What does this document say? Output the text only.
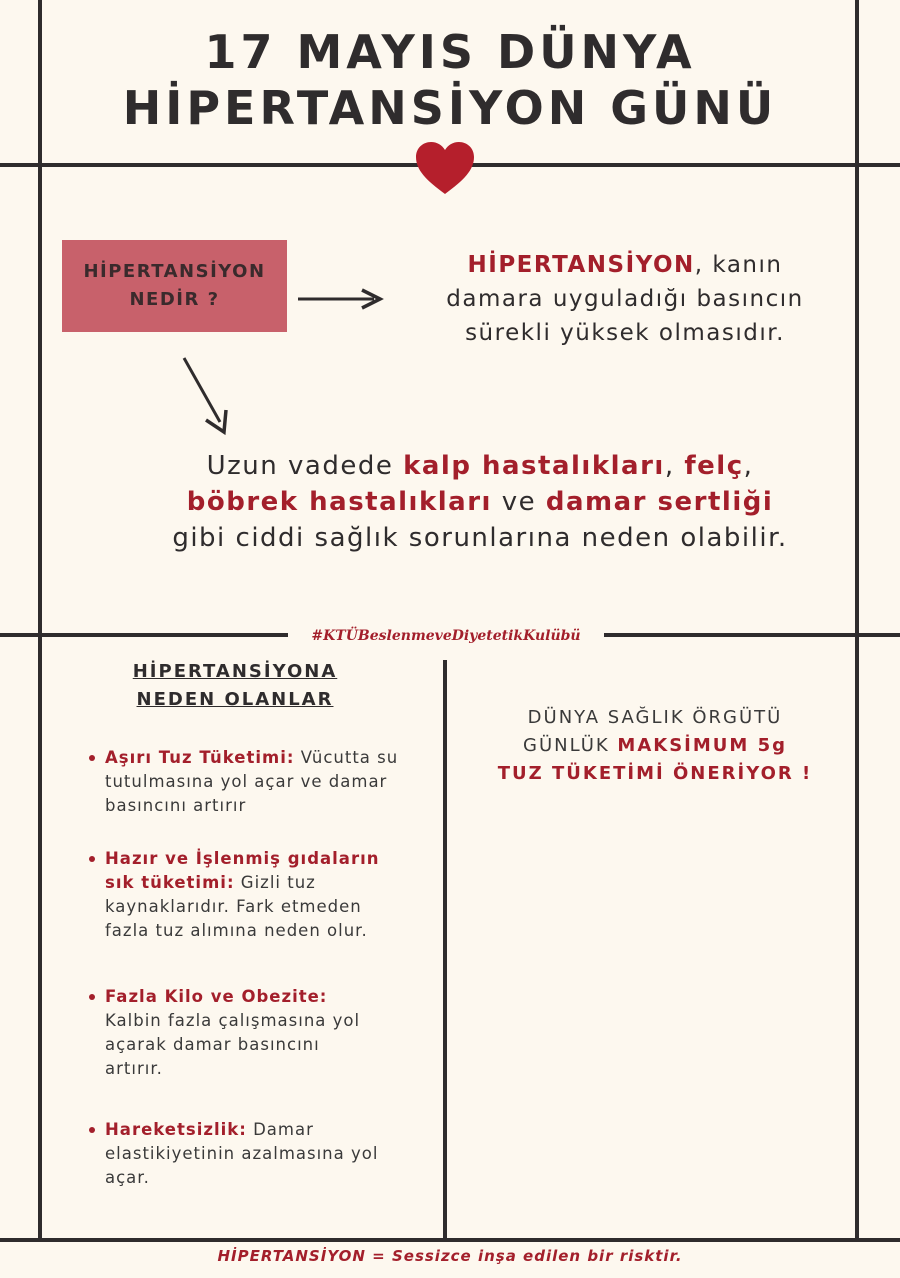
17 MAYIS DÜNYA
HİPERTANSİYON GÜNÜ
HİPERTANSİYON
NEDİR ?

HİPERTANSİYON, kanın
damara uyguladığı basıncın
sürekli yüksek olmasıdır.

Uzun vadede kalp hastalıkları, felç,
böbrek hastalıkları ve damar sertliği
gibi ciddi sağlık sorunlarına neden olabilir.

#KTÜBeslenmeveDiyetetikKulübü
HİPERTANSİYONA
NEDEN OLANLAR
Aşırı Tuz Tüketimi: Vücutta su tutulmasına yol açar ve damar basıncını artırır
Hazır ve İşlenmiş gıdaların sık tüketimi: Gizli tuz kaynaklarıdır. Fark etmeden fazla tuz alımına neden olur.
Fazla Kilo ve Obezite: Kalbin fazla çalışmasına yol açarak damar basıncını artırır.
Hareketsizlik: Damar elastikiyetinin azalmasına yol açar.

DÜNYA SAĞLIK ÖRGÜTÜ
GÜNLÜK MAKSİMUM 5g
TUZ TÜKETİMİ ÖNERİYOR !

HİPERTANSİYON = Sessizce inşa edilen bir risktir.
